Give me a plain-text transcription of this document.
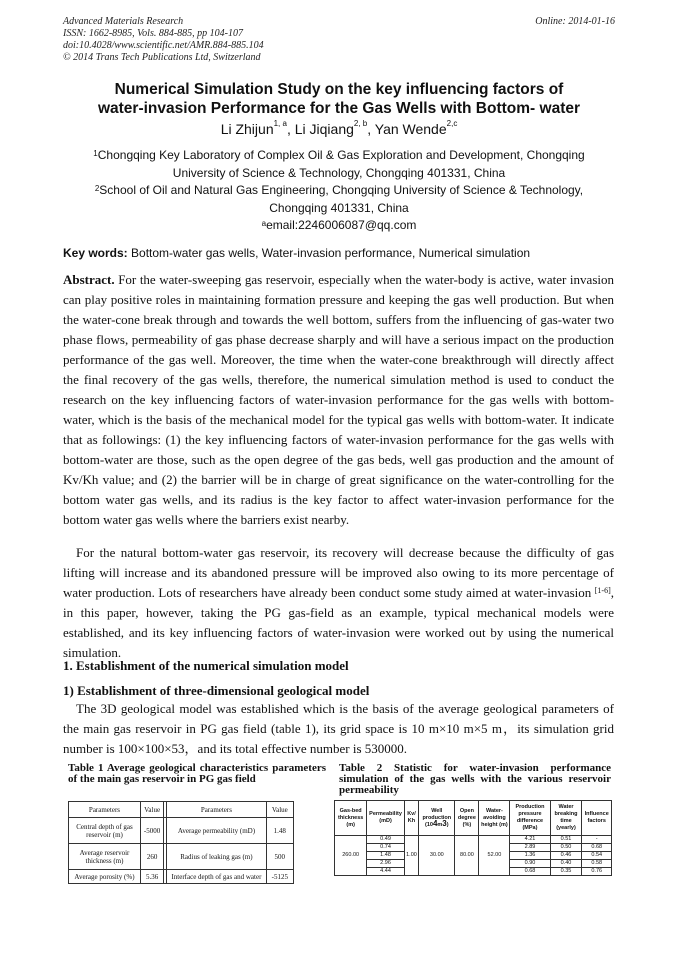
Advanced Materials Research
ISSN: 1662-8985, Vols. 884-885, pp 104-107
doi:10.4028/www.scientific.net/AMR.884-885.104
© 2014 Trans Tech Publications Ltd, Switzerland
Online: 2014-01-16
Numerical Simulation Study on the key influencing factors of
water-invasion Performance for the Gas Wells with Bottom- water
Li Zhijun$^{1, a}$, Li Jiqiang$^{2, b}$, Yan Wende$^{2,c}$
$^1$Chongqing Key Laboratory of Complex Oil & Gas Exploration and Development, Chongqing
University of Science & Technology, Chongqing 401331, China
$^2$School of Oil and Natural Gas Engineering, Chongqing University of Science & Technology,
Chongqing 401331, China
$^a$email:2246006087@qq.com
Key words: Bottom-water gas wells, Water-invasion performance, Numerical simulation
Abstract. For the water-sweeping gas reservoir, especially when the water-body is active, water invasion can play positive roles in maintaining formation pressure and keeping the gas well production. But when the water-cone break through and towards the well bottom, suffers from the influencing of gas-water two phase flows, permeability of gas phase decrease sharply and will have a serious impact on the production performance of the gas well. Moreover, the time when the water-cone breakthrough will directly affect the final recovery of the gas wells, therefore, the numerical simulation method is used to conduct the research on the key influencing factors of water-invasion performance for the gas wells with bottom-water, which is the basis of the mechanical model for the typical gas wells with bottom-water. It indicate that as followings: (1) the key influencing factors of water-invasion performance for the gas wells with bottom-water are those, such as the open degree of the gas beds, well gas production and the amount of Kv/Kh value; and (2) the barrier will be in charge of great significance on the water-controlling for the bottom water gas wells, and its radius is the key factor to affect water-invasion performance for the bottom water gas wells where the barriers exist nearby.
For the natural bottom-water gas reservoir, its recovery will decrease because the difficulty of gas lifting will increase and its abandoned pressure will be improved also owing to its more percentage of water production. Lots of researchers have already been conduct some study aimed at water-invasion [1-6], in this paper, however, taking the PG gas-field as an example, typical mechanical models were established, and its key influencing factors of water-invasion were worked out by using the numerical simulation.
1. Establishment of the numerical simulation model
1) Establishment of three-dimensional geological model
The 3D geological model was established which is the basis of the average geological parameters of the main gas reservoir in PG gas field (table 1), its grid space is 10 m×10 m×5 m，its simulation grid number is 100×100×53，and its total effective number is 530000.
Table 1 Average geological characteristics parameters of the main gas reservoir in PG gas field
Parameters	Value		Parameters	Value
Central depth of gas reservoir (m)	-5000		Average permeability (mD)	1.48
Average reservoir thickness (m)	260		Radius of leaking gas (m)	500
Average porosity (%)	5.36		Interface depth of gas and water	-5125
Table 2 Statistic for water-invasion performance simulation of the gas wells with the various reservoir permeability
Gas-bed thickness (m)	Permeability (mD)	Kv/ Kh	Well production $(10^4m^3)$	Open degree (%)	Water-avoiding height (m)	Production pressure difference (MPa)	Water breaking time (yearly)	Influence factors
260.00	0.49	1.00	30.00	80.00	52.00	4.21	0.51	-
	0.74					2.89	0.50	0.68
	1.48					1.36	0.46	0.54
	2.96					0.90	0.40	0.58
	4.44					0.68	0.35	0.76
